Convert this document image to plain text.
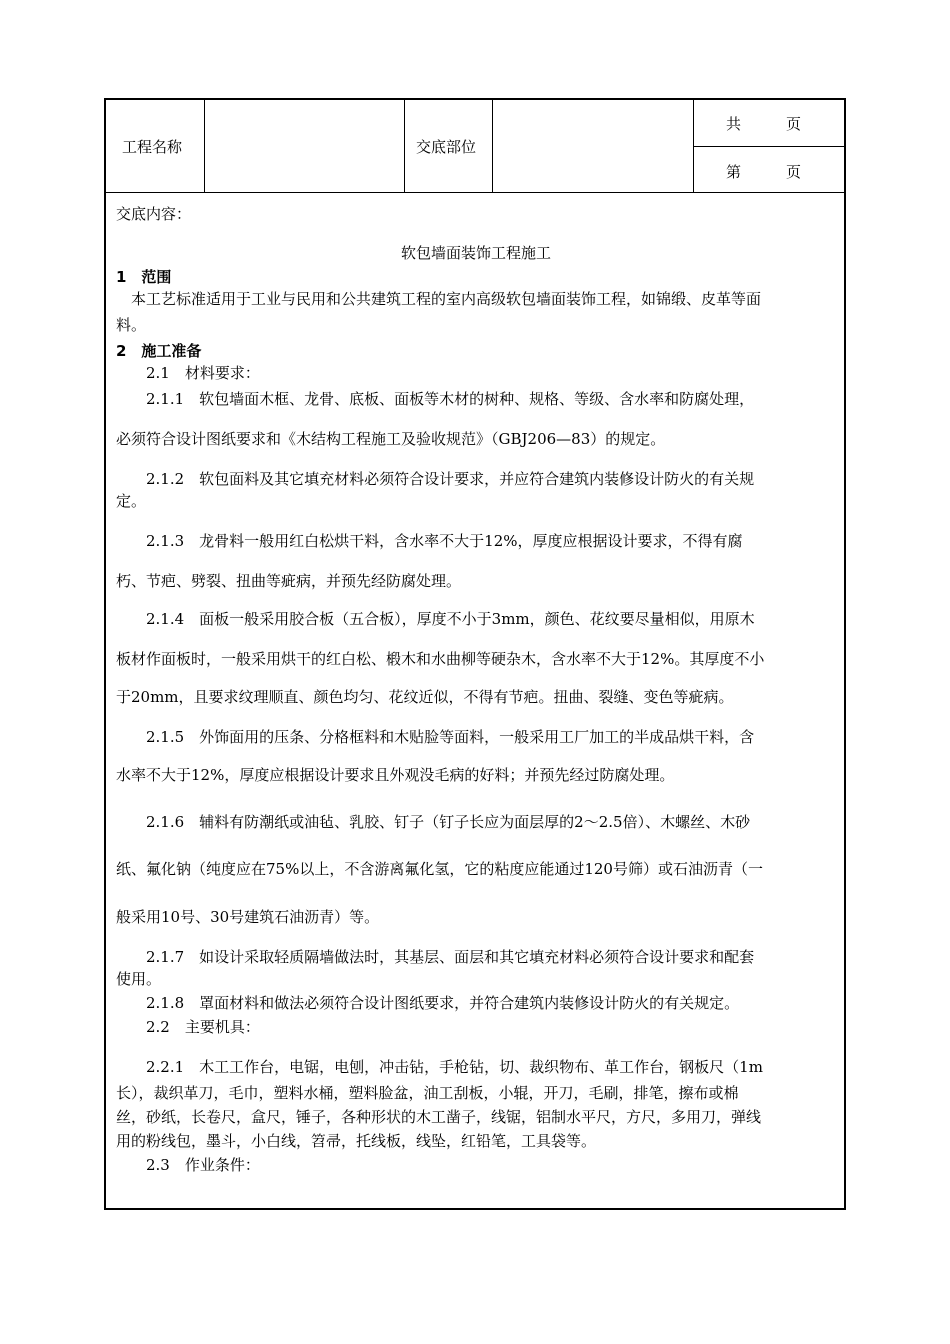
工程名称	交底部位
共　　　页
第　　　页
交底内容：
软包墙面装饰工程施工
1　范围
　本工艺标准适用于工业与民用和公共建筑工程的室内高级软包墙面装饰工程，如锦缎、皮革等面
料。
2　施工准备
　　2.1　材料要求：
　　2.1.1　软包墙面木框、龙骨、底板、面板等木材的树种、规格、等级、含水率和防腐处理，
必须符合设计图纸要求和《木结构工程施工及验收规范》（GBJ206—83）的规定。
　　2.1.2　软包面料及其它填充材料必须符合设计要求，并应符合建筑内装修设计防火的有关规
定。
　　2.1.3　龙骨料一般用红白松烘干料，含水率不大于12%，厚度应根据设计要求，不得有腐
朽、节疤、劈裂、扭曲等疵病，并预先经防腐处理。
　　2.1.4　面板一般采用胶合板（五合板），厚度不小于3mm，颜色、花纹要尽量相似，用原木
板材作面板时，一般采用烘干的红白松、椴木和水曲柳等硬杂木，含水率不大于12%。其厚度不小
于20mm，且要求纹理顺直、颜色均匀、花纹近似，不得有节疤。扭曲、裂缝、变色等疵病。
　　2.1.5　外饰面用的压条、分格框料和木贴脸等面料，一般采用工厂加工的半成品烘干料，含
水率不大于12%，厚度应根据设计要求且外观没毛病的好料；并预先经过防腐处理。
　　2.1.6　辅料有防潮纸或油毡、乳胶、钉子（钉子长应为面层厚的2～2.5倍）、木螺丝、木砂
纸、氟化钠（纯度应在75%以上，不含游离氟化氢，它的粘度应能通过120号筛）或石油沥青（一
般采用10号、30号建筑石油沥青）等。
　　2.1.7　如设计采取轻质隔墙做法时，其基层、面层和其它填充材料必须符合设计要求和配套
使用。
　　2.1.8　罩面材料和做法必须符合设计图纸要求，并符合建筑内装修设计防火的有关规定。
　　2.2　主要机具：
　　2.2.1　木工工作台，电锯，电刨，冲击钻，手枪钻，切、裁织物布、革工作台，钢板尺（1m
长），裁织革刀，毛巾，塑料水桶，塑料脸盆，油工刮板，小辊，开刀，毛刷，排笔，擦布或棉
丝，砂纸，长卷尺，盒尺，锤子，各种形状的木工凿子，线锯，铝制水平尺，方尺，多用刀，弹线
用的粉线包，墨斗，小白线，笤帚，托线板，线坠，红铅笔，工具袋等。
　　2.3　作业条件：
